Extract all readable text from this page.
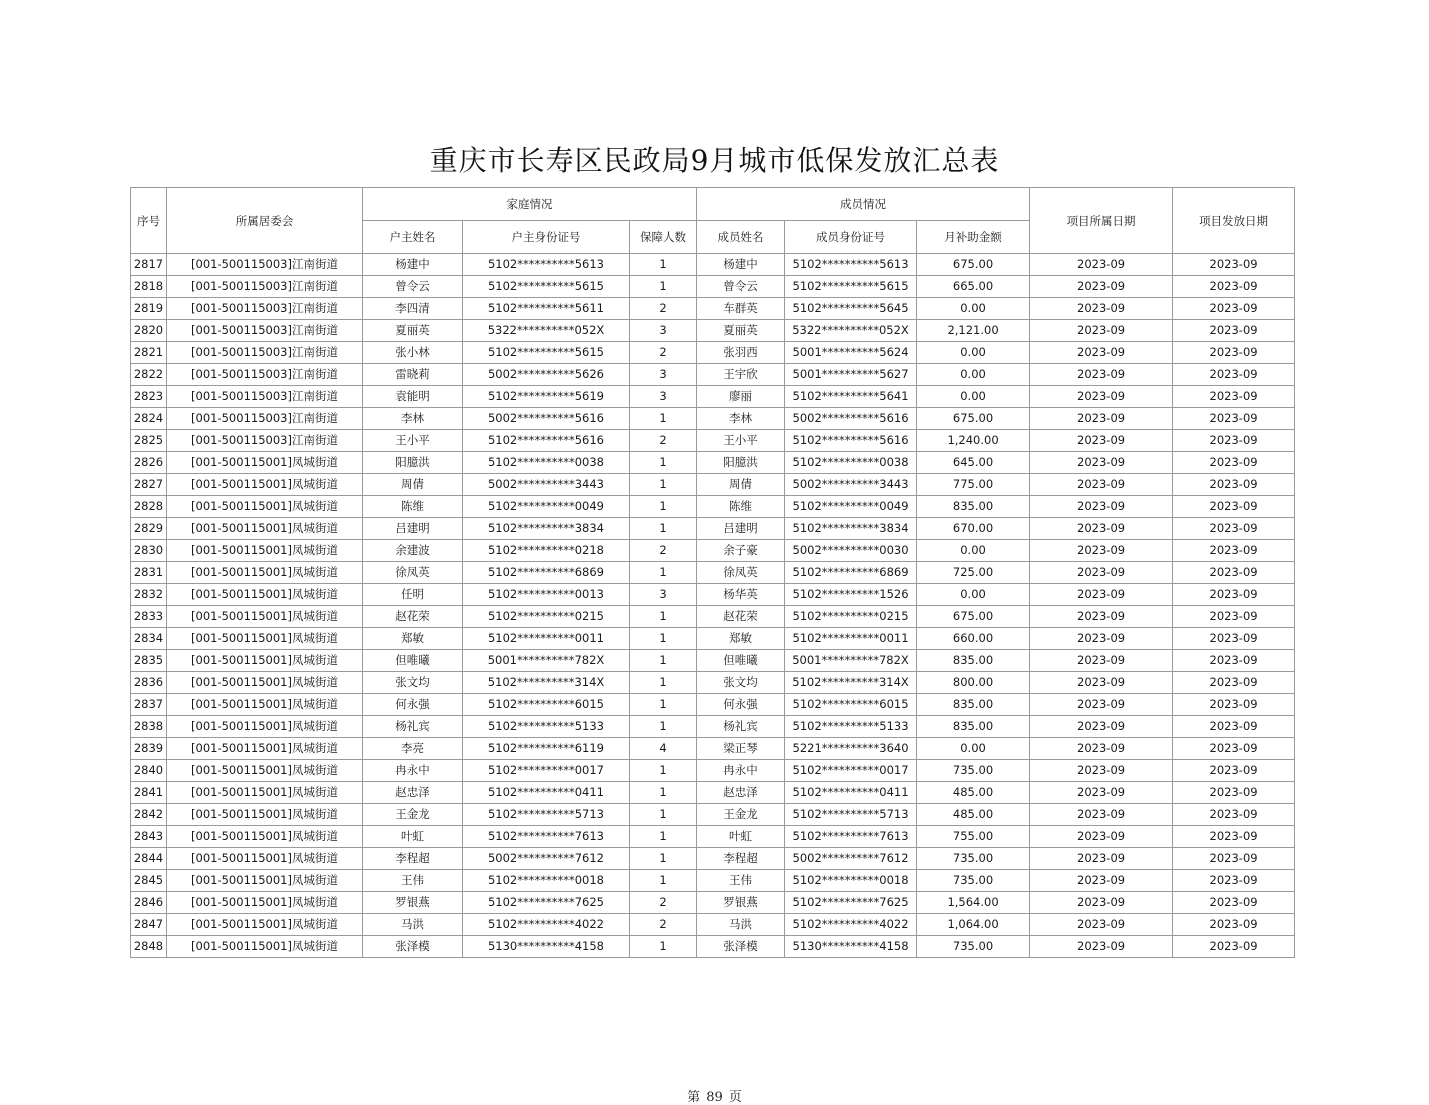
重庆市长寿区民政局9月城市低保发放汇总表
序号	所属居委会	家庭情况			成员情况			项目所属日期	项目发放日期
		户主姓名	户主身份证号	保障人数	成员姓名	成员身份证号	月补助金额		
2817	[001-500115003]江南街道	杨建中	5102**********5613	1	杨建中	5102**********5613	675.00	2023-09	2023-09
2818	[001-500115003]江南街道	曾令云	5102**********5615	1	曾令云	5102**********5615	665.00	2023-09	2023-09
2819	[001-500115003]江南街道	李四清	5102**********5611	2	车群英	5102**********5645	0.00	2023-09	2023-09
2820	[001-500115003]江南街道	夏丽英	5322**********052X	3	夏丽英	5322**********052X	2,121.00	2023-09	2023-09
2821	[001-500115003]江南街道	张小林	5102**********5615	2	张羽西	5001**********5624	0.00	2023-09	2023-09
2822	[001-500115003]江南街道	雷晓莉	5002**********5626	3	王宇欣	5001**********5627	0.00	2023-09	2023-09
2823	[001-500115003]江南街道	袁能明	5102**********5619	3	廖丽	5102**********5641	0.00	2023-09	2023-09
2824	[001-500115003]江南街道	李林	5002**********5616	1	李林	5002**********5616	675.00	2023-09	2023-09
2825	[001-500115003]江南街道	王小平	5102**********5616	2	王小平	5102**********5616	1,240.00	2023-09	2023-09
2826	[001-500115001]凤城街道	阳臆洪	5102**********0038	1	阳臆洪	5102**********0038	645.00	2023-09	2023-09
2827	[001-500115001]凤城街道	周倩	5002**********3443	1	周倩	5002**********3443	775.00	2023-09	2023-09
2828	[001-500115001]凤城街道	陈维	5102**********0049	1	陈维	5102**********0049	835.00	2023-09	2023-09
2829	[001-500115001]凤城街道	吕建明	5102**********3834	1	吕建明	5102**********3834	670.00	2023-09	2023-09
2830	[001-500115001]凤城街道	余建波	5102**********0218	2	余子豪	5002**********0030	0.00	2023-09	2023-09
2831	[001-500115001]凤城街道	徐凤英	5102**********6869	1	徐凤英	5102**********6869	725.00	2023-09	2023-09
2832	[001-500115001]凤城街道	任明	5102**********0013	3	杨华英	5102**********1526	0.00	2023-09	2023-09
2833	[001-500115001]凤城街道	赵花荣	5102**********0215	1	赵花荣	5102**********0215	675.00	2023-09	2023-09
2834	[001-500115001]凤城街道	郑敏	5102**********0011	1	郑敏	5102**********0011	660.00	2023-09	2023-09
2835	[001-500115001]凤城街道	但唯曦	5001**********782X	1	但唯曦	5001**********782X	835.00	2023-09	2023-09
2836	[001-500115001]凤城街道	张文均	5102**********314X	1	张文均	5102**********314X	800.00	2023-09	2023-09
2837	[001-500115001]凤城街道	何永强	5102**********6015	1	何永强	5102**********6015	835.00	2023-09	2023-09
2838	[001-500115001]凤城街道	杨礼宾	5102**********5133	1	杨礼宾	5102**********5133	835.00	2023-09	2023-09
2839	[001-500115001]凤城街道	李亮	5102**********6119	4	梁正琴	5221**********3640	0.00	2023-09	2023-09
2840	[001-500115001]凤城街道	冉永中	5102**********0017	1	冉永中	5102**********0017	735.00	2023-09	2023-09
2841	[001-500115001]凤城街道	赵忠泽	5102**********0411	1	赵忠泽	5102**********0411	485.00	2023-09	2023-09
2842	[001-500115001]凤城街道	王金龙	5102**********5713	1	王金龙	5102**********5713	485.00	2023-09	2023-09
2843	[001-500115001]凤城街道	叶虹	5102**********7613	1	叶虹	5102**********7613	755.00	2023-09	2023-09
2844	[001-500115001]凤城街道	李程超	5002**********7612	1	李程超	5002**********7612	735.00	2023-09	2023-09
2845	[001-500115001]凤城街道	王伟	5102**********0018	1	王伟	5102**********0018	735.00	2023-09	2023-09
2846	[001-500115001]凤城街道	罗银燕	5102**********7625	2	罗银燕	5102**********7625	1,564.00	2023-09	2023-09
2847	[001-500115001]凤城街道	马洪	5102**********4022	2	马洪	5102**********4022	1,064.00	2023-09	2023-09
2848	[001-500115001]凤城街道	张泽模	5130**********4158	1	张泽模	5130**********4158	735.00	2023-09	2023-09
第 89 页
